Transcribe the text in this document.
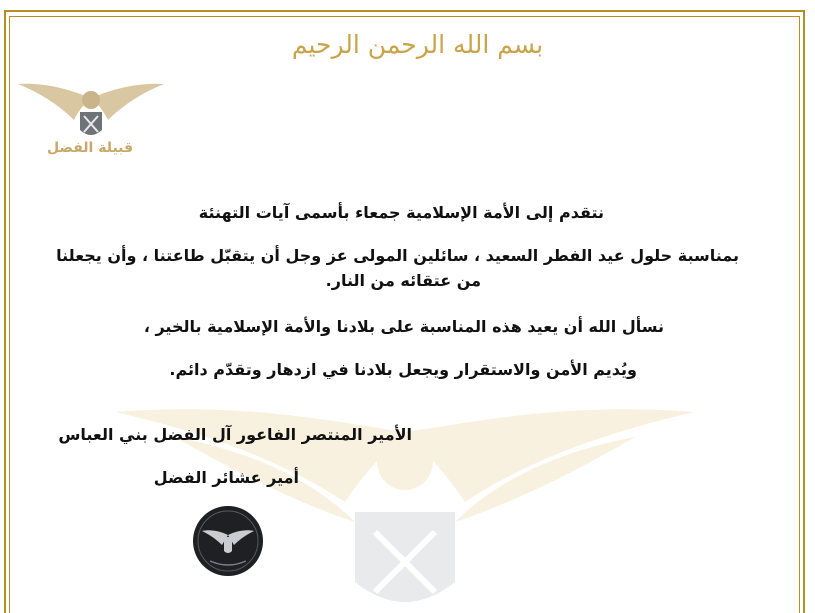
بسم الله الرحمن الرحيم
قبيلة الفضل
نتقدم إلى الأمة الإسلامية جمعاء بأسمى آيات التهنئة
بمناسبة حلول عيد الفطر السعيد ، سائلين المولى عز وجل أن يتقبّل طاعتنا ، وأن يجعلنا
من عتقائه من النار.
نسأل الله أن يعيد هذه المناسبة على بلادنا والأمة الإسلامية بالخير ،
ويُديم الأمن والاستقرار ويجعل بلادنا في ازدهار وتقدّم دائم.
الأمير المنتصر الفاعور آل الفضل بني العباس
أمير عشائر الفضل
